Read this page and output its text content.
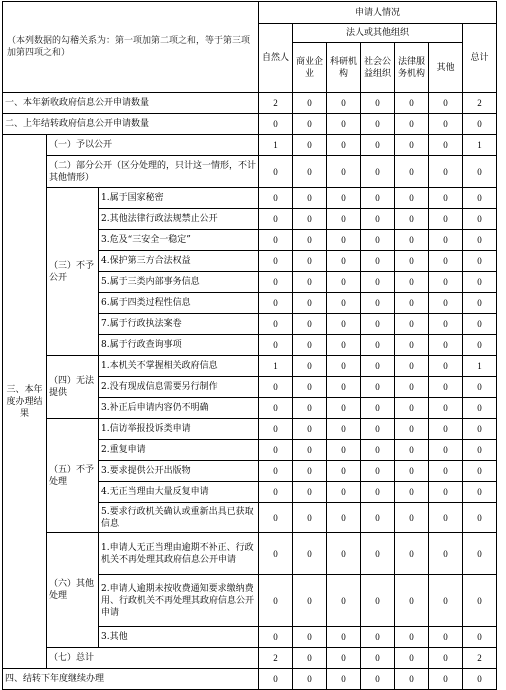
（本列数据的勾稽关系为：第一项加第二项之和，等于第三项加第四项之和）			申请人情况						
			自然人	法人或其他组织					总计
				商业企业	科研机构	社会公益组织	法律服务机构	其他	
一、本年新收政府信息公开申请数量			2	0	0	0	0	0	2
二、上年结转政府信息公开申请数量			0	0	0	0	0	0	0
三、本年度办理结果	（一）予以公开		1	0	0	0	0	0	1
	（二）部分公开（区分处理的，只计这一情形，不计其他情形）		0	0	0	0	0	0	0
	（三）不予公开	1.属于国家秘密	0	0	0	0	0	0	0
		2.其他法律行政法规禁止公开	0	0	0	0	0	0	0
		3.危及“三安全一稳定”	0	0	0	0	0	0	0
		4.保护第三方合法权益	0	0	0	0	0	0	0
		5.属于三类内部事务信息	0	0	0	0	0	0	0
		6.属于四类过程性信息	0	0	0	0	0	0	0
		7.属于行政执法案卷	0	0	0	0	0	0	0
		8.属于行政查询事项	0	0	0	0	0	0	0
	（四）无法提供	1.本机关不掌握相关政府信息	1	0	0	0	0	0	1
		2.没有现成信息需要另行制作	0	0	0	0	0	0	0
		3.补正后申请内容仍不明确	0	0	0	0	0	0	0
	（五）不予处理	1.信访举报投诉类申请	0	0	0	0	0	0	0
		2.重复申请	0	0	0	0	0	0	0
		3.要求提供公开出版物	0	0	0	0	0	0	0
		4.无正当理由大量反复申请	0	0	0	0	0	0	0
		5.要求行政机关确认或重新出具已获取信息	0	0	0	0	0	0	0
	（六）其他处理	1.申请人无正当理由逾期不补正、行政机关不再处理其政府信息公开申请	0	0	0	0	0	0	0
		2.申请人逾期未按收费通知要求缴纳费用、行政机关不再处理其政府信息公开申请	0	0	0	0	0	0	0
		3.其他	0	0	0	0	0	0	0
	（七）总计		2	0	0	0	0	0	2
四、结转下年度继续办理			0	0	0	0	0	0	0
